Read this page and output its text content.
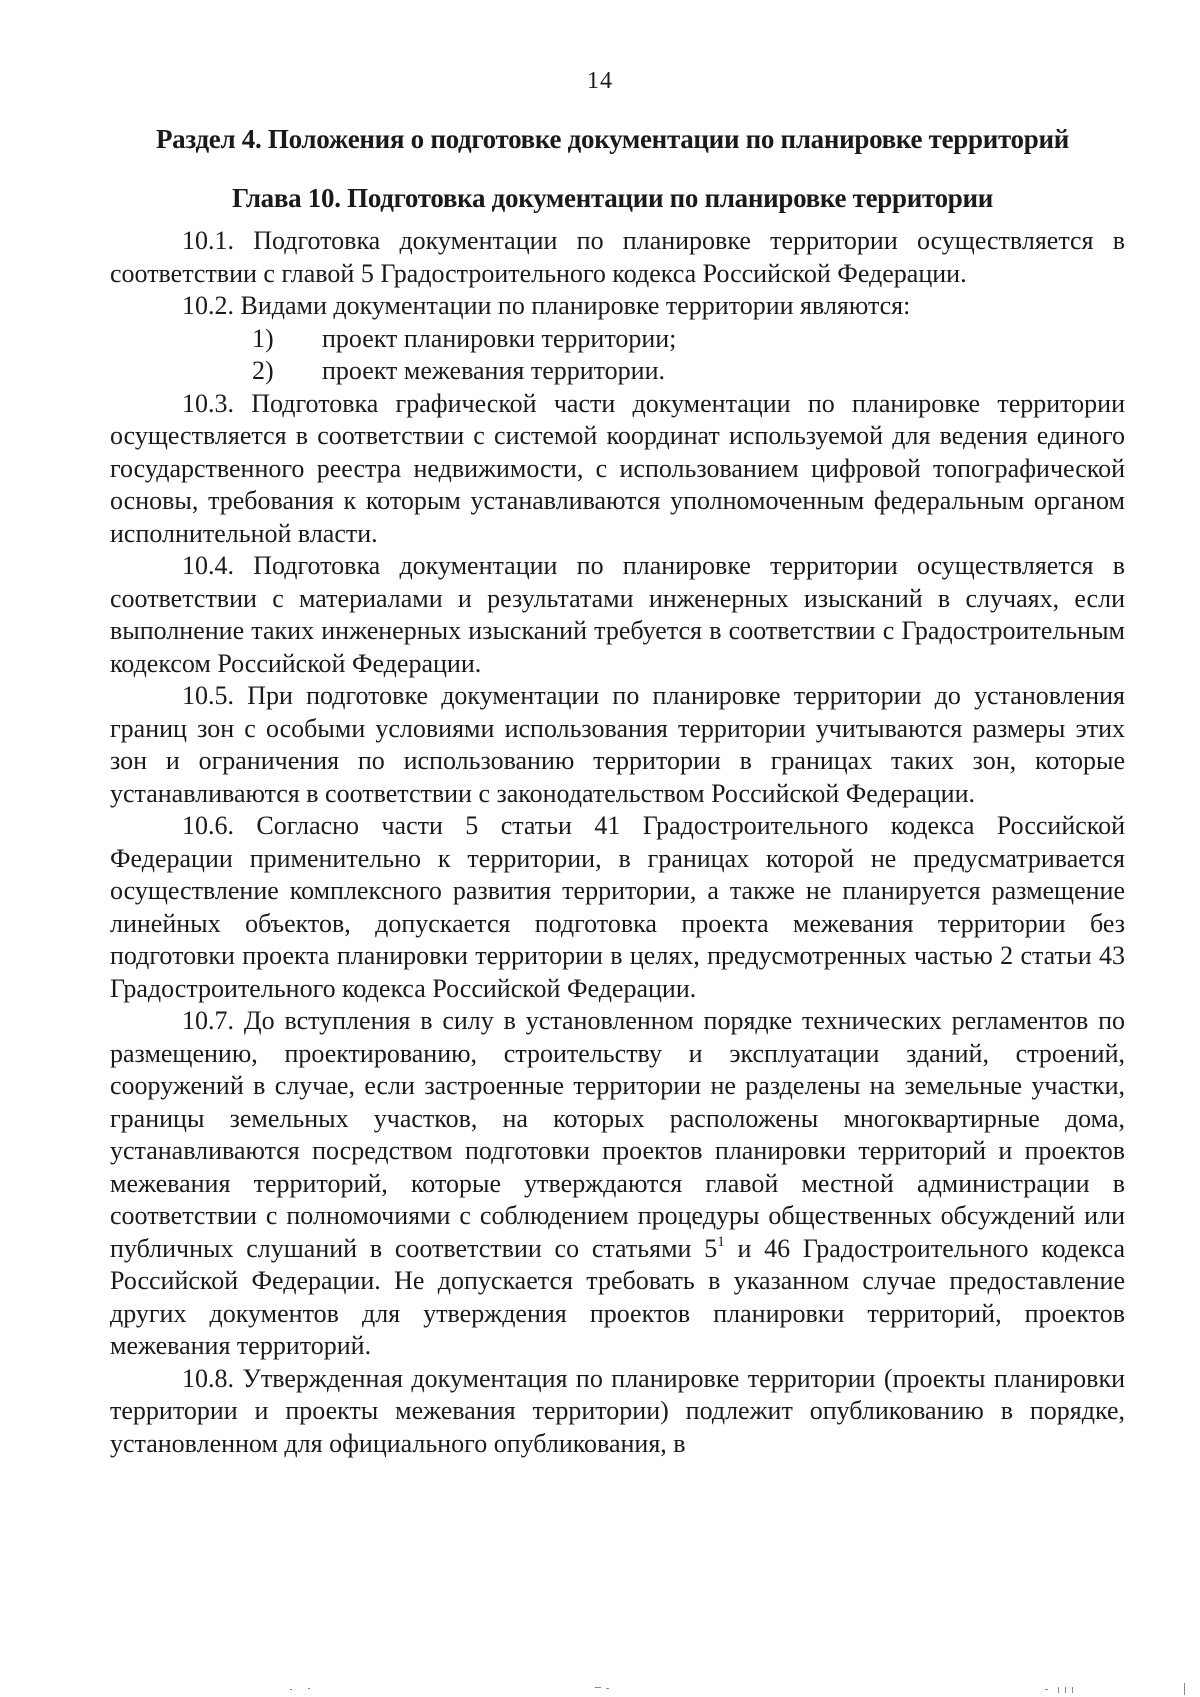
14
Раздел 4. Положения о подготовке документации по планировке территорий
Глава 10. Подготовка документации по планировке территории

10.1. Подготовка документации по планировке территории осуществляется в соответствии с главой 5 Градостроительного кодекса Российской Федерации.

10.2. Видами документации по планировке территории являются:

1)	проект планировки территории;

2)	проект межевания территории.

10.3. Подготовка графической части документации по планировке территории осуществляется в соответствии с системой координат используемой для ведения единого государственного реестра недвижимости, с использованием цифровой топографической основы, требования к которым устанавливаются уполномоченным федеральным органом исполнительной власти.

10.4. Подготовка документации по планировке территории осуществляется в соответствии с материалами и результатами инженерных изысканий в случаях, если выполнение таких инженерных изысканий требуется в соответствии с Градостроительным кодексом Российской Федерации.

10.5. При подготовке документации по планировке территории до установления границ зон с особыми условиями использования территории учитываются размеры этих зон и ограничения по использованию территории в границах таких зон, которые устанавливаются в соответствии с законодательством Российской Федерации.

10.6. Согласно части 5 статьи 41 Градостроительного кодекса Российской Федерации применительно к территории, в границах которой не предусматривается осуществление комплексного развития территории, а также не планируется размещение линейных объектов, допускается подготовка проекта межевания территории без подготовки проекта планировки территории в целях, предусмотренных частью 2 статьи 43 Градостроительного кодекса Российской Федерации.

10.7. До вступления в силу в установленном порядке технических регламентов по размещению, проектированию, строительству и эксплуатации зданий, строений, сооружений в случае, если застроенные территории не разделены на земельные участки, границы земельных участков, на которых расположены многоквартирные дома, устанавливаются посредством подготовки проектов планировки территорий и проектов межевания территорий, которые утверждаются главой местной администрации в соответствии с полномочиями с соблюдением процедуры общественных обсуждений или публичных слушаний в соответствии со статьями $5^1$ и 46 Градостроительного кодекса Российской Федерации. Не допускается требовать в указанном случае предоставление других документов для утверждения проектов планировки территорий, проектов межевания территорий.

10.8. Утвержденная документация по планировке территории (проекты планировки территории и проекты межевания территории) подлежит опубликованию в порядке, установленном для официального опубликования, в
